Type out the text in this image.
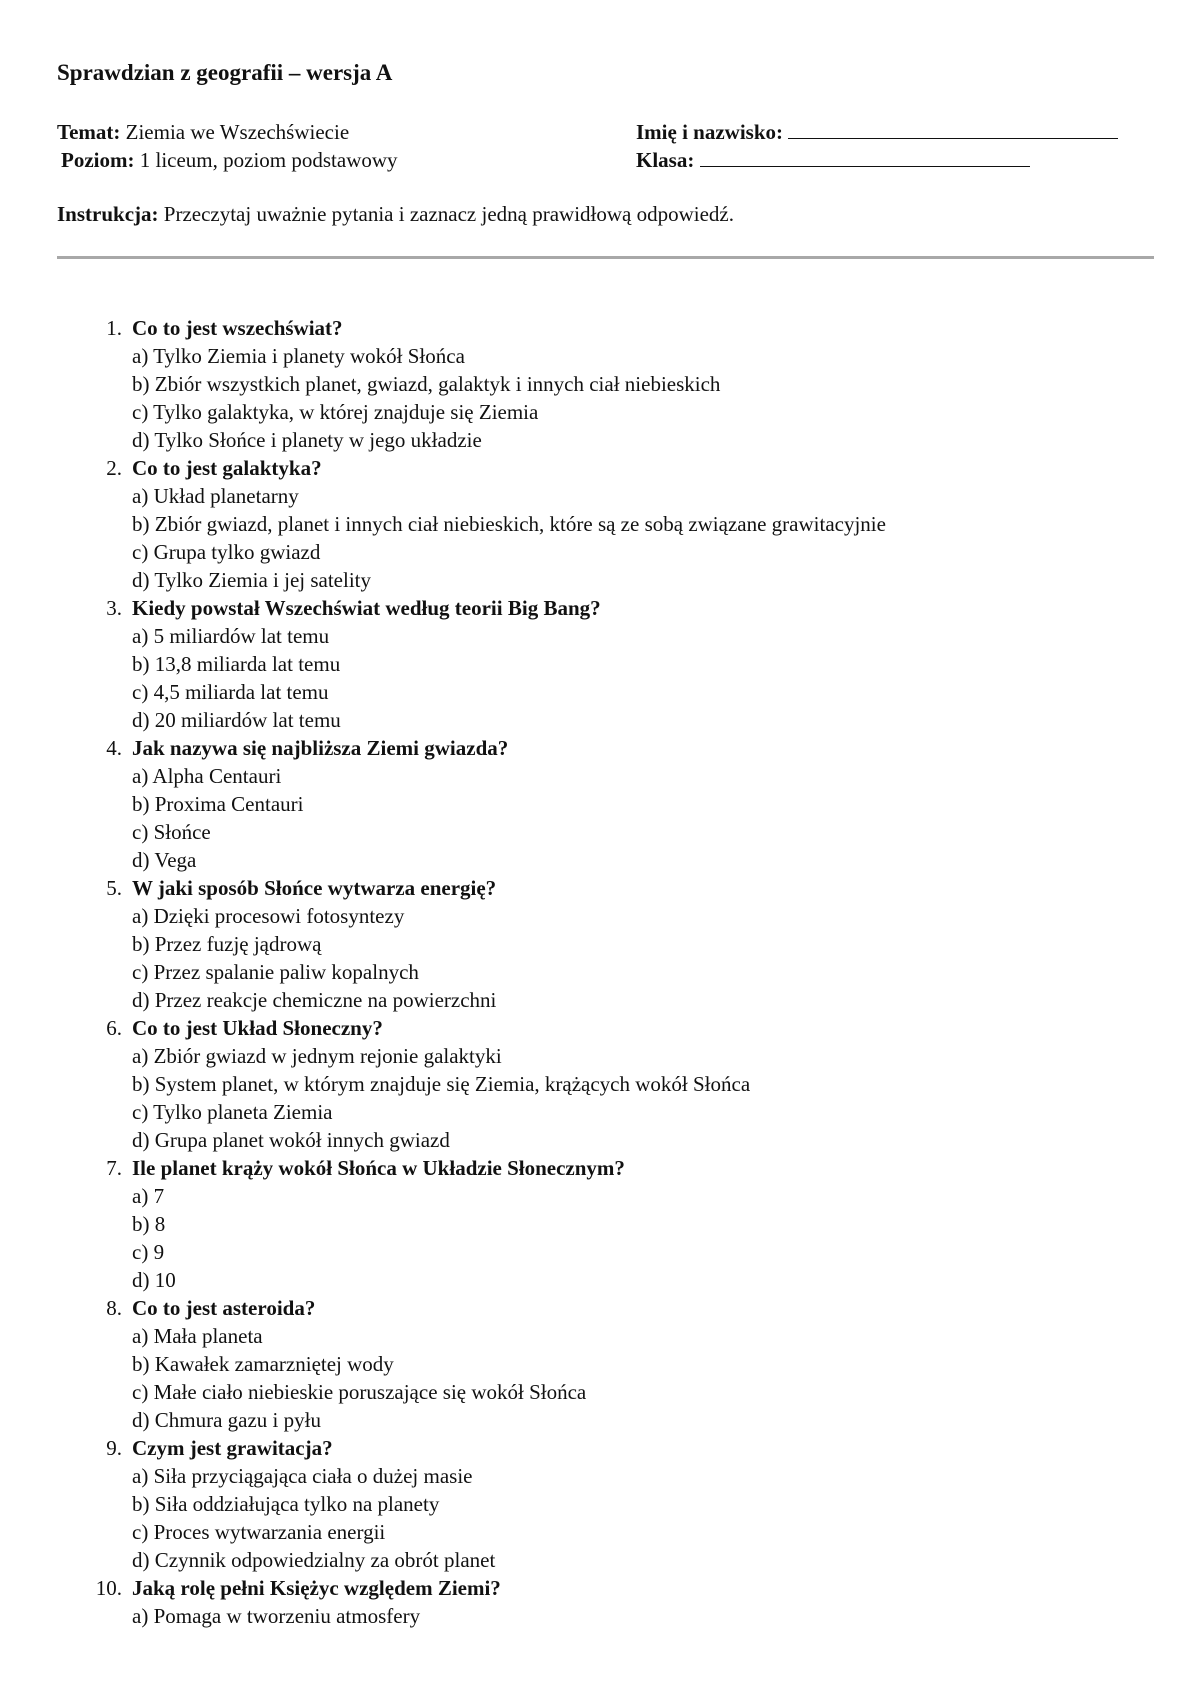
Sprawdzian z geografii – wersja A
Temat: Ziemia we Wszechświecie
Poziom: 1 liceum, poziom podstawowy
Imię i nazwisko:
Klasa:
Instrukcja: Przeczytaj uważnie pytania i zaznacz jedną prawidłową odpowiedź.
1. Co to jest wszechświat?
a) Tylko Ziemia i planety wokół Słońca
b) Zbiór wszystkich planet, gwiazd, galaktyk i innych ciał niebieskich
c) Tylko galaktyka, w której znajduje się Ziemia
d) Tylko Słońce i planety w jego układzie
2. Co to jest galaktyka?
a) Układ planetarny
b) Zbiór gwiazd, planet i innych ciał niebieskich, które są ze sobą związane grawitacyjnie
c) Grupa tylko gwiazd
d) Tylko Ziemia i jej satelity
3. Kiedy powstał Wszechświat według teorii Big Bang?
a) 5 miliardów lat temu
b) 13,8 miliarda lat temu
c) 4,5 miliarda lat temu
d) 20 miliardów lat temu
4. Jak nazywa się najbliższa Ziemi gwiazda?
a) Alpha Centauri
b) Proxima Centauri
c) Słońce
d) Vega
5. W jaki sposób Słońce wytwarza energię?
a) Dzięki procesowi fotosyntezy
b) Przez fuzję jądrową
c) Przez spalanie paliw kopalnych
d) Przez reakcje chemiczne na powierzchni
6. Co to jest Układ Słoneczny?
a) Zbiór gwiazd w jednym rejonie galaktyki
b) System planet, w którym znajduje się Ziemia, krążących wokół Słońca
c) Tylko planeta Ziemia
d) Grupa planet wokół innych gwiazd
7. Ile planet krąży wokół Słońca w Układzie Słonecznym?
a) 7
b) 8
c) 9
d) 10
8. Co to jest asteroida?
a) Mała planeta
b) Kawałek zamarzniętej wody
c) Małe ciało niebieskie poruszające się wokół Słońca
d) Chmura gazu i pyłu
9. Czym jest grawitacja?
a) Siła przyciągająca ciała o dużej masie
b) Siła oddziałująca tylko na planety
c) Proces wytwarzania energii
d) Czynnik odpowiedzialny za obrót planet
10. Jaką rolę pełni Księżyc względem Ziemi?
a) Pomaga w tworzeniu atmosfery
